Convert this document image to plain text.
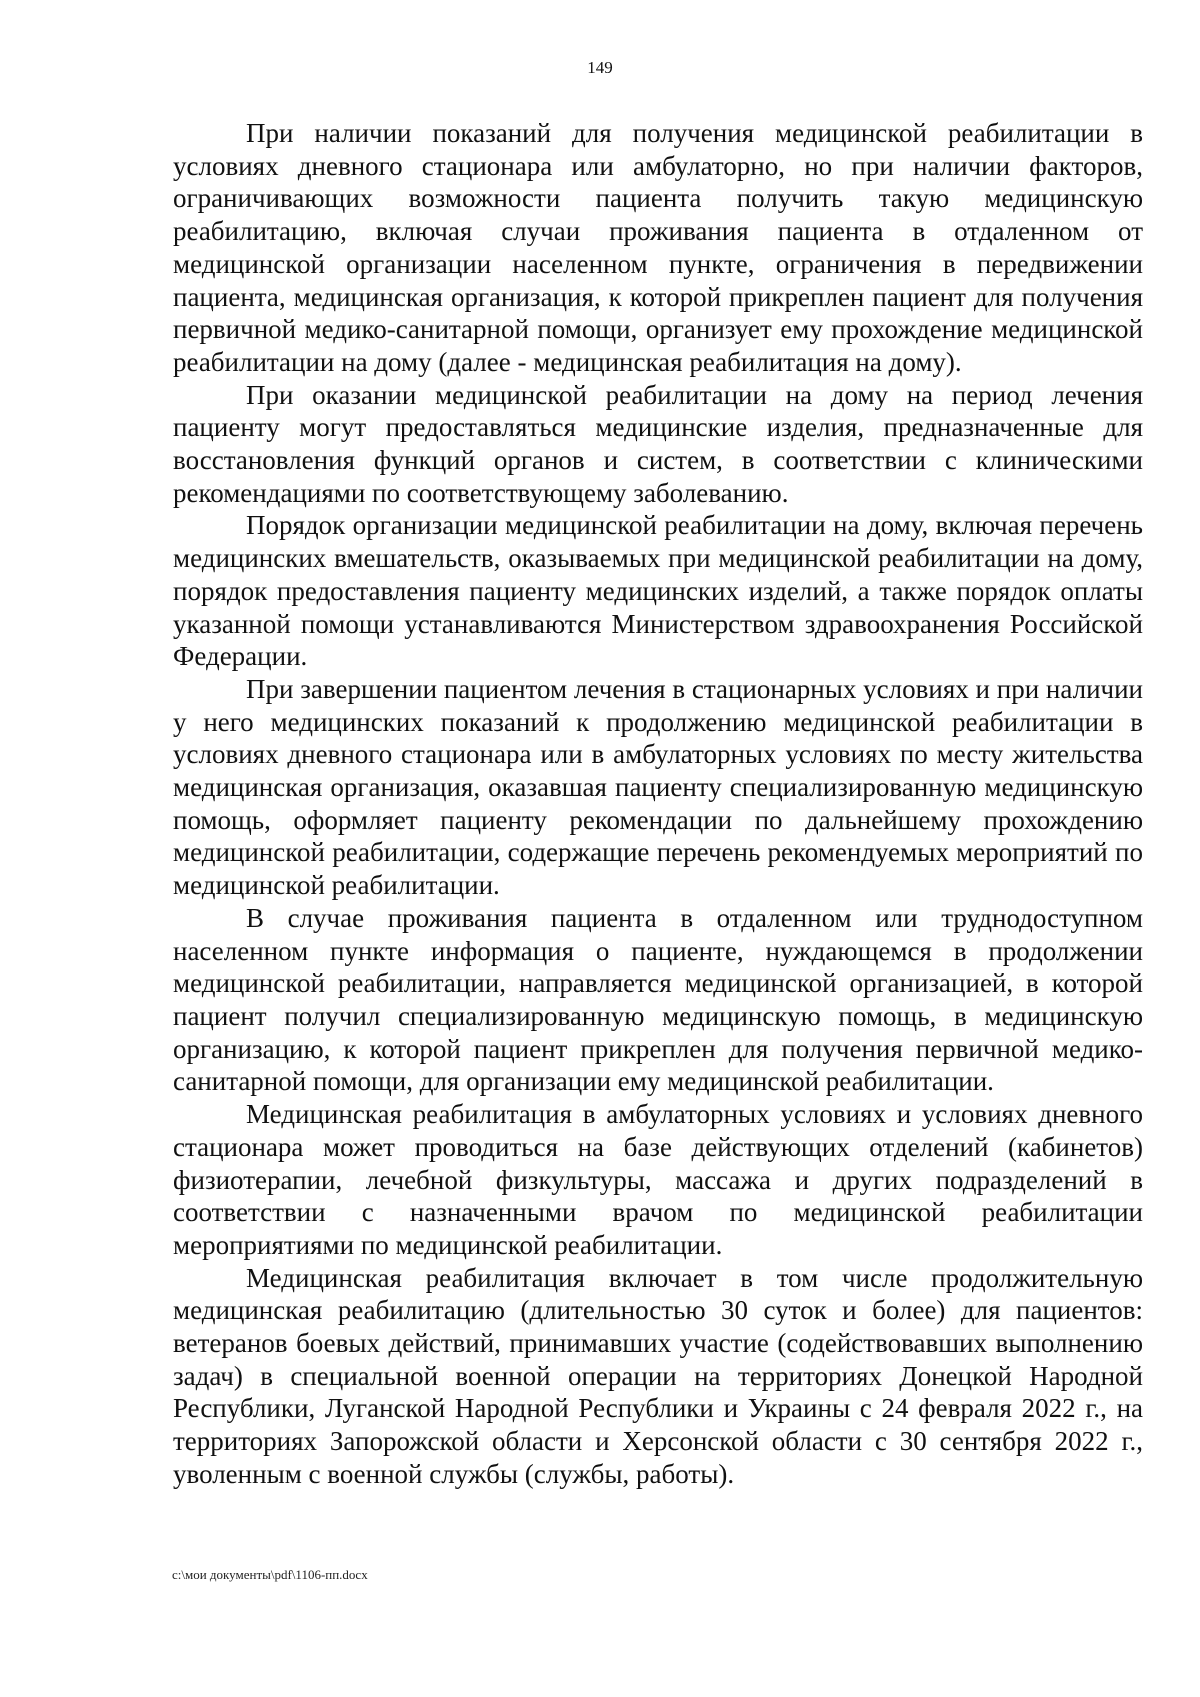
149

При наличии показаний для получения медицинской реабилитации в условиях дневного стационара или амбулаторно, но при наличии факторов, ограничивающих возможности пациента получить такую медицинскую реабилитацию, включая случаи проживания пациента в отдаленном от медицинской организации населенном пункте, ограничения в передвижении пациента, медицинская организация, к которой прикреплен пациент для получения первичной медико-санитарной помощи, организует ему прохождение медицинской реабилитации на дому (далее - медицинская реабилитация на дому).

При оказании медицинской реабилитации на дому на период лечения пациенту могут предоставляться медицинские изделия, предназначенные для восстановления функций органов и систем, в соответствии с клиническими рекомендациями по соответствующему заболеванию.

Порядок организации медицинской реабилитации на дому, включая перечень медицинских вмешательств, оказываемых при медицинской реабилитации на дому, порядок предоставления пациенту медицинских изделий, а также порядок оплаты указанной помощи устанавливаются Министерством здравоохранения Российской Федерации.

При завершении пациентом лечения в стационарных условиях и при наличии у него медицинских показаний к продолжению медицинской реабилитации в условиях дневного стационара или в амбулаторных условиях по месту жительства медицинская организация, оказавшая пациенту специализированную медицинскую помощь, оформляет пациенту рекомендации по дальнейшему прохождению медицинской реабилитации, содержащие перечень рекомендуемых мероприятий по медицинской реабилитации.

В случае проживания пациента в отдаленном или труднодоступном населенном пункте информация о пациенте, нуждающемся в продолжении медицинской реабилитации, направляется медицинской организацией, в которой пациент получил специализированную медицинскую помощь, в медицинскую организацию, к которой пациент прикреплен для получения первичной медико-санитарной помощи, для организации ему медицинской реабилитации.

Медицинская реабилитация в амбулаторных условиях и условиях дневного стационара может проводиться на базе действующих отделений (кабинетов) физиотерапии, лечебной физкультуры, массажа и других подразделений в соответствии с назначенными врачом по медицинской реабилитации мероприятиями по медицинской реабилитации.

Медицинская реабилитация включает в том числе продолжительную медицинская реабилитацию (длительностью 30 суток и более) для пациентов: ветеранов боевых действий, принимавших участие (содействовавших выполнению задач) в специальной военной операции на территориях Донецкой Народной Республики, Луганской Народной Республики и Украины с 24 февраля 2022 г., на территориях Запорожской области и Херсонской области с 30 сентября 2022 г., уволенным с военной службы (службы, работы).

c:\мои документы\pdf\1106-пп.docx
